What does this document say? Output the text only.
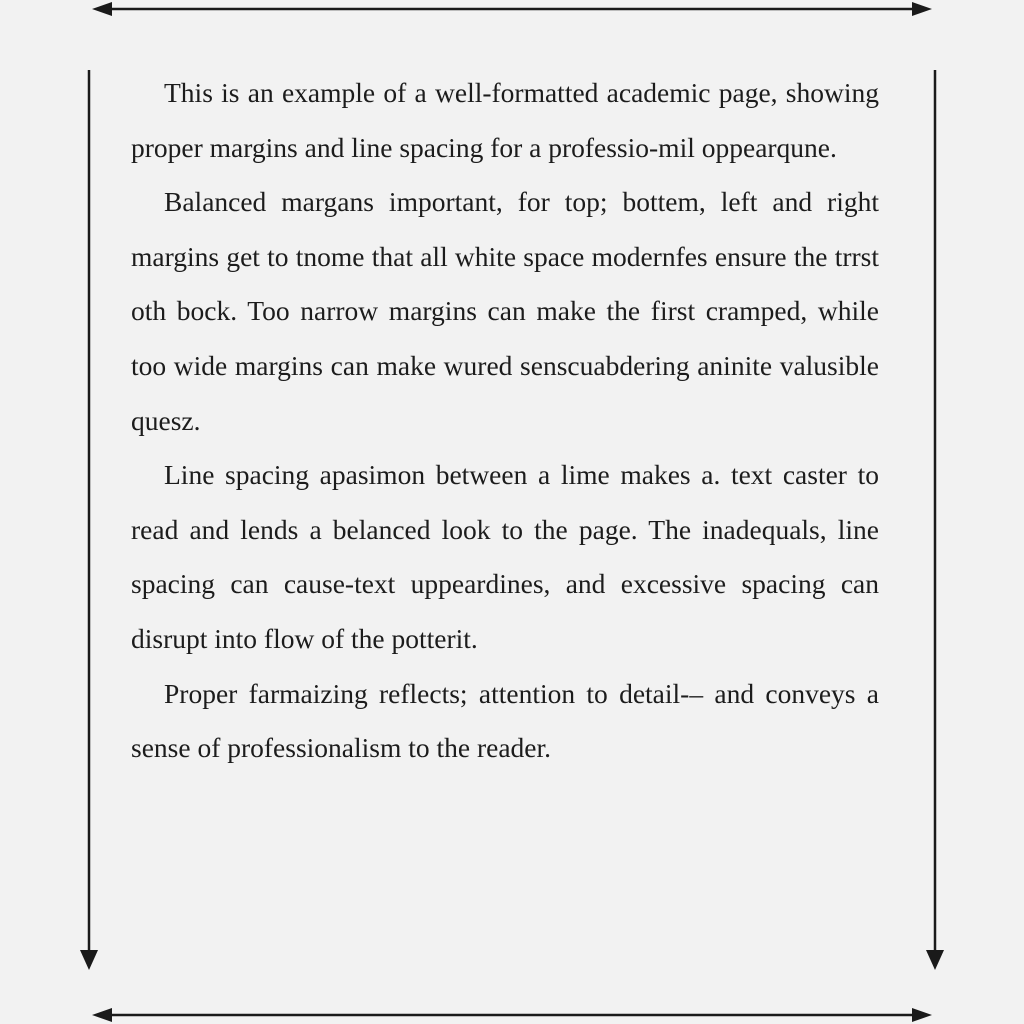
This is an example of a well-formatted academic page, showing proper margins and line spacing for a professio-mil oppearqune.

Balanced margans important, for top; bottem, left and right margins get to tnome that all white space modernfes ensure the trrst oth bock. Too narrow margins can make the first cramped, while too wide margins can make wured senscuabdering aninite valusible quesz.

Line spacing apasimon between a lime makes a. text caster to read and lends a belanced look to the page. The inadequals, line spacing can cause-text uppeardines, and excessive spacing can disrupt into flow of the potterit.

Proper farmaizing reflects; attention to detail-– and conveys a sense of professionalism to the reader.
